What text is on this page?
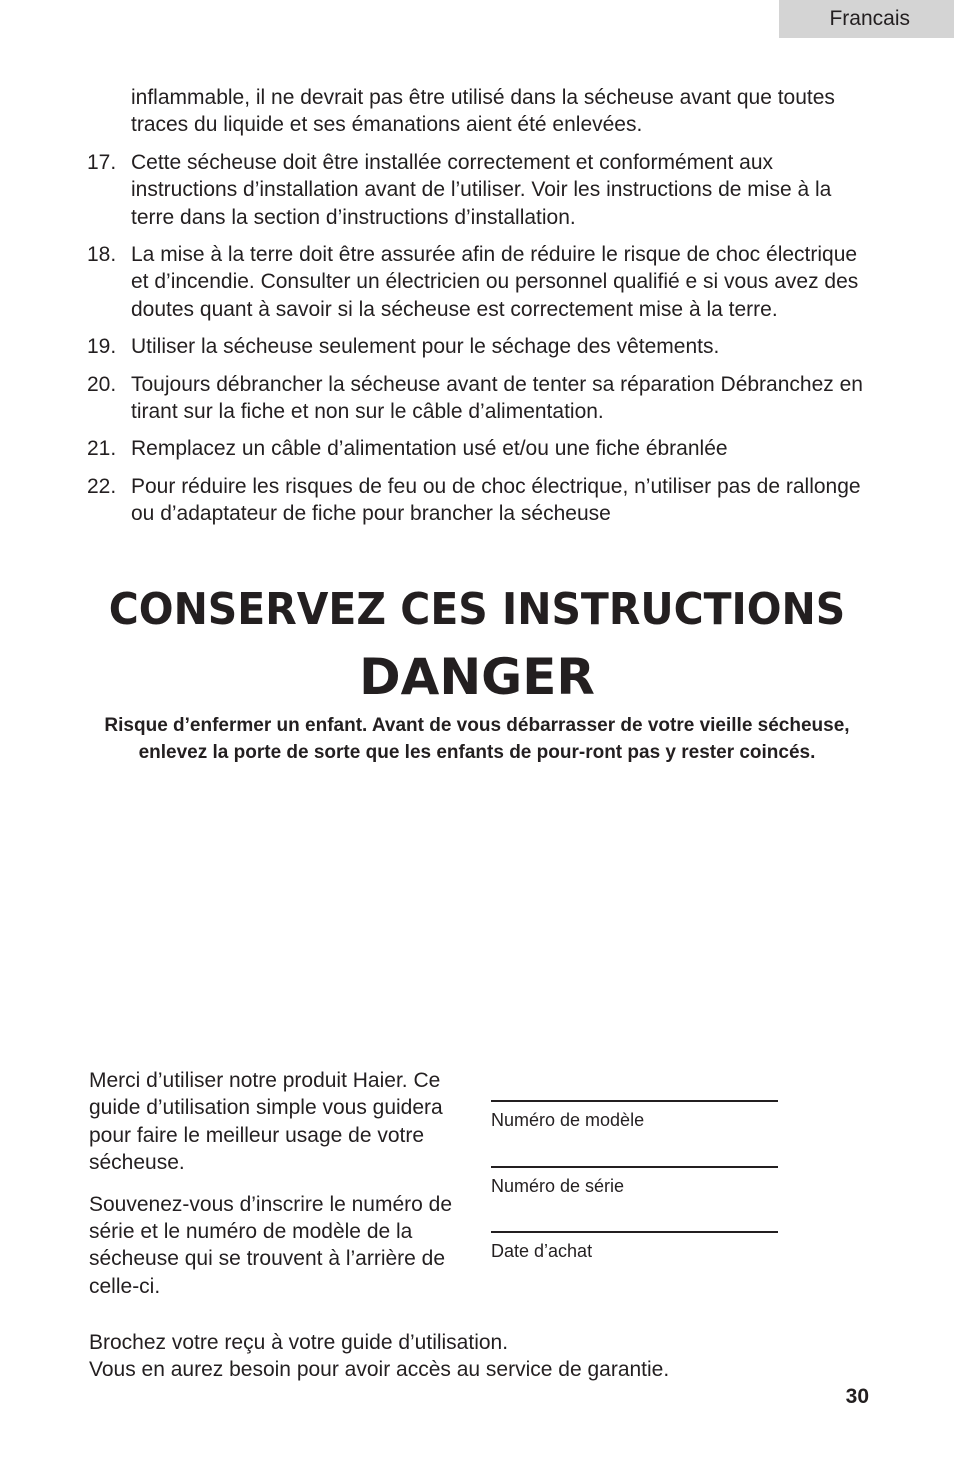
Francais
inflammable, il ne devrait pas être utilisé dans la sécheuse avant que toutes traces du liquide et ses émanations aient été enlevées.
17. Cette sécheuse doit être installée correctement et conformément aux instructions d’installation avant de l’utiliser. Voir les instructions de mise à la terre dans la section d’instructions d’installation.
18. La mise à la terre doit être assurée afin de réduire le risque de choc électrique et d’incendie. Consulter un électricien ou personnel qualifié e si vous avez des doutes quant à savoir si la sécheuse est correctement mise à la terre.
19. Utiliser la sécheuse seulement pour le séchage des vêtements.
20. Toujours débrancher la sécheuse avant de tenter sa réparation Débranchez en tirant sur la fiche et non sur le câble d’alimentation.
21. Remplacez un câble d’alimentation usé et/ou une fiche ébranlée
22. Pour réduire les risques de feu ou de choc électrique, n’utiliser pas de rallonge ou d’adaptateur de fiche pour brancher la sécheuse
CONSERVEZ CES INSTRUCTIONS
DANGER
Risque d’enfermer un enfant. Avant de vous débarrasser de votre vieille sécheuse, enlevez la porte de sorte que les enfants de pour-ront pas y rester coincés.

Merci d’utiliser notre produit Haier. Ce guide d’utilisation simple vous guidera pour faire le meilleur usage de votre sécheuse.

Souvenez-vous d’inscrire le numéro de série et le numéro de modèle de la sécheuse qui se trouvent à l’arrière de celle-ci.

Numéro de modèle
Numéro de série
Date d’achat

Brochez votre reçu à votre guide d’utilisation.

Vous en aurez besoin pour avoir accès au service de garantie.

30
